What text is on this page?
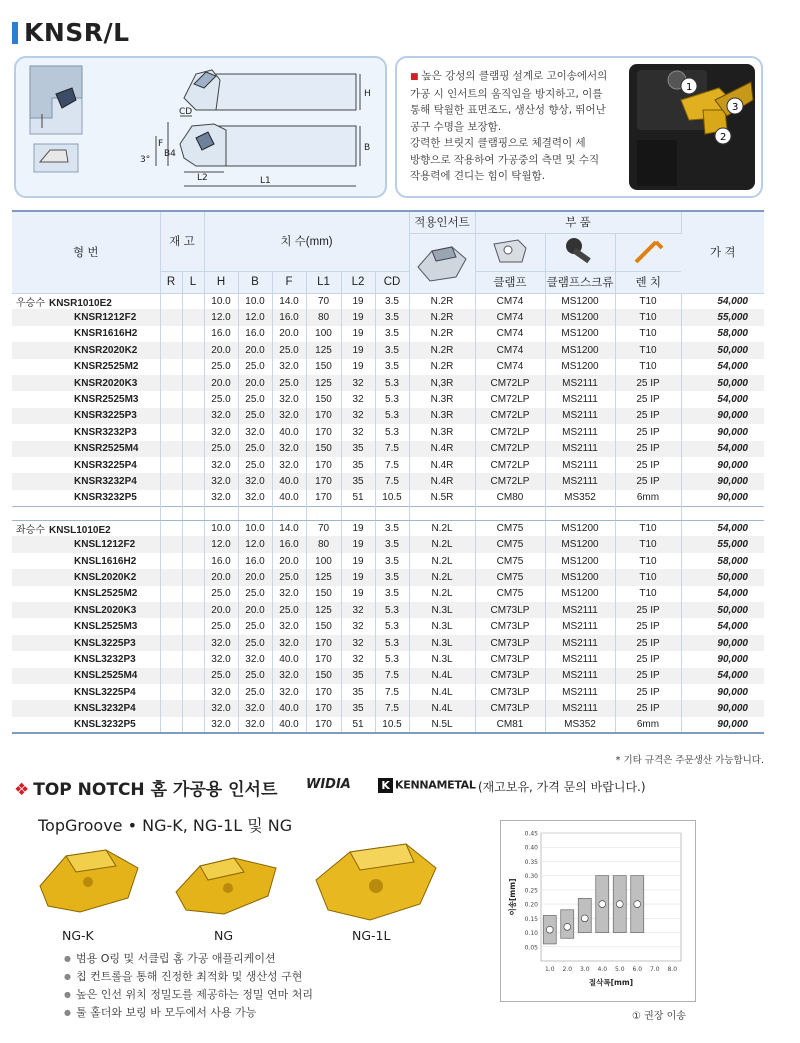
KNSR/L
H
B
F
B4
CD
L1
L2
3°
1
2
3
■ 높은 강성의 클램핑 설계로 고이송에서의
가공 시 인서트의 움직임을 방지하고, 이를
통해 탁월한 표면조도, 생산성 향상, 뛰어난
공구 수명을 보장함.
강력한 브릿지 클램핑으로 체결력이 세
방향으로 작용하여 가공중의 측면 및 수직
작용력에 견디는 힘이 탁월함.
형 번	재 고		치 수(mm)						적용인서트	부 품			가 격

	R	L	H	B	F	L1	L2	CD		클램프	클램프스크류	렌 치	
우승수 KNSR1010E2			10.0	10.0	14.0	70	19	3.5	N.2R	CM74	MS1200	T10	54,000
KNSR1212F2			12.0	12.0	16.0	80	19	3.5	N.2R	CM74	MS1200	T10	55,000
KNSR1616H2			16.0	16.0	20.0	100	19	3.5	N.2R	CM74	MS1200	T10	58,000
KNSR2020K2			20.0	20.0	25.0	125	19	3.5	N.2R	CM74	MS1200	T10	50,000
KNSR2525M2			25.0	25.0	32.0	150	19	3.5	N.2R	CM74	MS1200	T10	54,000
KNSR2020K3			20.0	20.0	25.0	125	32	5.3	N,3R	CM72LP	MS2111	25 IP	50,000
KNSR2525M3			25.0	25.0	32.0	150	32	5.3	N.3R	CM72LP	MS2111	25 IP	54,000
KNSR3225P3			32.0	25.0	32.0	170	32	5.3	N.3R	CM72LP	MS2111	25 IP	90,000
KNSR3232P3			32.0	32.0	40.0	170	32	5.3	N.3R	CM72LP	MS2111	25 IP	90,000
KNSR2525M4			25.0	25.0	32.0	150	35	7.5	N.4R	CM72LP	MS2111	25 IP	54,000
KNSR3225P4			32.0	25.0	32.0	170	35	7.5	N.4R	CM72LP	MS2111	25 IP	90,000
KNSR3232P4			32.0	32.0	40.0	170	35	7.5	N.4R	CM72LP	MS2111	25 IP	90,000
KNSR3232P5			32.0	32.0	40.0	170	51	10.5	N.5R	CM80	MS352	6mm	90,000

좌승수 KNSL1010E2			10.0	10.0	14.0	70	19	3.5	N.2L	CM75	MS1200	T10	54,000
KNSL1212F2			12.0	12.0	16.0	80	19	3.5	N.2L	CM75	MS1200	T10	55,000
KNSL1616H2			16.0	16.0	20.0	100	19	3.5	N.2L	CM75	MS1200	T10	58,000
KNSL2020K2			20.0	20.0	25.0	125	19	3.5	N.2L	CM75	MS1200	T10	50,000
KNSL2525M2			25.0	25.0	32.0	150	19	3.5	N.2L	CM75	MS1200	T10	54,000
KNSL2020K3			20.0	20.0	25.0	125	32	5.3	N.3L	CM73LP	MS2111	25 IP	50,000
KNSL2525M3			25.0	25.0	32.0	150	32	5.3	N.3L	CM73LP	MS2111	25 IP	54,000
KNSL3225P3			32.0	25.0	32.0	170	32	5.3	N.3L	CM73LP	MS2111	25 IP	90,000
KNSL3232P3			32.0	32.0	40.0	170	32	5.3	N.3L	CM73LP	MS2111	25 IP	90,000
KNSL2525M4			25.0	25.0	32.0	150	35	7.5	N.4L	CM73LP	MS2111	25 IP	54,000
KNSL3225P4			32.0	25.0	32.0	170	35	7.5	N.4L	CM73LP	MS2111	25 IP	90,000
KNSL3232P4			32.0	32.0	40.0	170	35	7.5	N.4L	CM73LP	MS2111	25 IP	90,000
KNSL3232P5			32.0	32.0	40.0	170	51	10.5	N.5L	CM81	MS352	6mm	90,000
* 기타 규격은 주문생산 가능합니다.
❖ TOP NOTCH 홈 가공용 인서트 WIDIA	K KENNAMETAL (재고보유, 가격 문의 바랍니다.)
TopGroove • NG-K, NG-1L 및 NG
NG-K	NG	NG-1L
● 범용 O링 및 서클립 홈 가공 애플리케이션
● 칩 컨트롤을 통해 진정한 최적화 및 생산성 구현
● 높은 인선 위치 정밀도를 제공하는 정밀 연마 처리
● 툴 홀더와 보링 바 모두에서 사용 가능
0.05
0.10
0.15
0.20
0.25
0.30
0.35
0.40
0.45
1.0 2.0 3.0 4.0 5.0 6.0 7.0 8.0
절삭폭[mm]
이송[mm]
① 권장 이송
